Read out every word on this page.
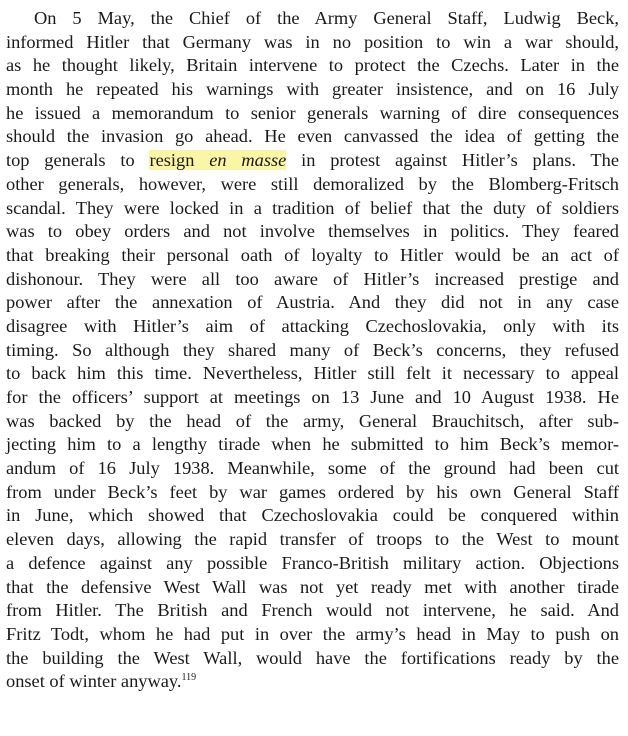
On 5 May, the Chief of the Army General Staff, Ludwig Beck,
informed Hitler that Germany was in no position to win a war should,
as he thought likely, Britain intervene to protect the Czechs. Later in the
month he repeated his warnings with greater insistence, and on 16 July
he issued a memorandum to senior generals warning of dire consequences
should the invasion go ahead. He even canvassed the idea of getting the
top generals to resign en masse in protest against Hitler’s plans. The
other generals, however, were still demoralized by the Blomberg-Fritsch
scandal. They were locked in a tradition of belief that the duty of soldiers
was to obey orders and not involve themselves in politics. They feared
that breaking their personal oath of loyalty to Hitler would be an act of
dishonour. They were all too aware of Hitler’s increased prestige and
power after the annexation of Austria. And they did not in any case
disagree with Hitler’s aim of attacking Czechoslovakia, only with its
timing. So although they shared many of Beck’s concerns, they refused
to back him this time. Nevertheless, Hitler still felt it necessary to appeal
for the officers’ support at meetings on 13 June and 10 August 1938. He
was backed by the head of the army, General Brauchitsch, after sub-
jecting him to a lengthy tirade when he submitted to him Beck’s memor-
andum of 16 July 1938. Meanwhile, some of the ground had been cut
from under Beck’s feet by war games ordered by his own General Staff
in June, which showed that Czechoslovakia could be conquered within
eleven days, allowing the rapid transfer of troops to the West to mount
a defence against any possible Franco-British military action. Objections
that the defensive West Wall was not yet ready met with another tirade
from Hitler. The British and French would not intervene, he said. And
Fritz Todt, whom he had put in over the army’s head in May to push on
the building the West Wall, would have the fortifications ready by the
onset of winter anyway.$^{119}$
